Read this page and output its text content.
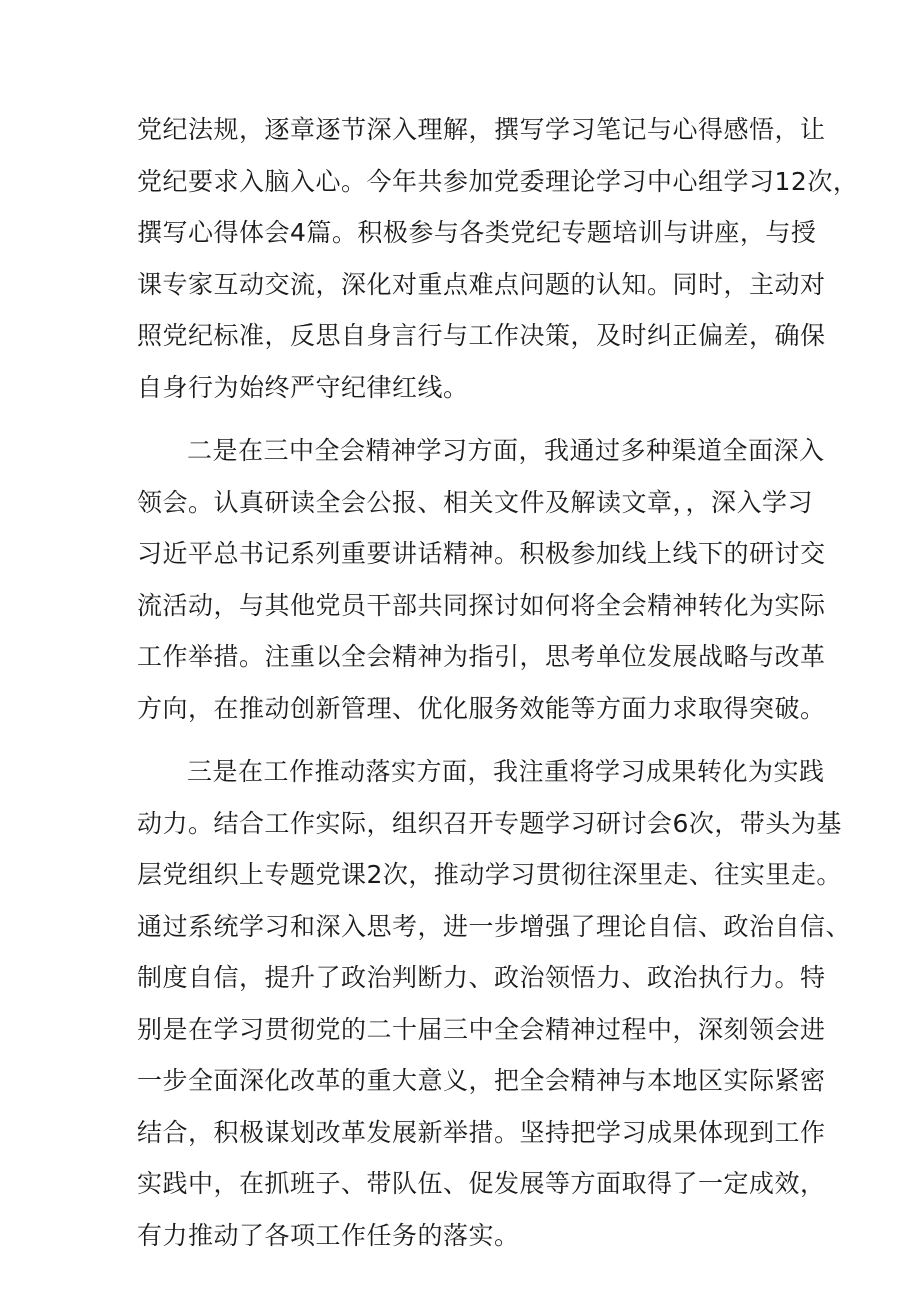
党纪法规，逐章逐节深入理解，撰写学习笔记与心得感悟，让
党纪要求入脑入心。今年共参加党委理论学习中心组学习12次，
撰写心得体会4篇。积极参与各类党纪专题培训与讲座，与授
课专家互动交流，深化对重点难点问题的认知。同时，主动对
照党纪标准，反思自身言行与工作决策，及时纠正偏差，确保
自身行为始终严守纪律红线。
二是在三中全会精神学习方面，我通过多种渠道全面深入
领会。认真研读全会公报、相关文件及解读文章，，深入学习
习近平总书记系列重要讲话精神。积极参加线上线下的研讨交
流活动，与其他党员干部共同探讨如何将全会精神转化为实际
工作举措。注重以全会精神为指引，思考单位发展战略与改革
方向，在推动创新管理、优化服务效能等方面力求取得突破。
三是在工作推动落实方面，我注重将学习成果转化为实践
动力。结合工作实际，组织召开专题学习研讨会6次，带头为基
层党组织上专题党课2次，推动学习贯彻往深里走、往实里走。
通过系统学习和深入思考，进一步增强了理论自信、政治自信、
制度自信，提升了政治判断力、政治领悟力、政治执行力。特
别是在学习贯彻党的二十届三中全会精神过程中，深刻领会进
一步全面深化改革的重大意义，把全会精神与本地区实际紧密
结合，积极谋划改革发展新举措。坚持把学习成果体现到工作
实践中，在抓班子、带队伍、促发展等方面取得了一定成效，
有力推动了各项工作任务的落实。
